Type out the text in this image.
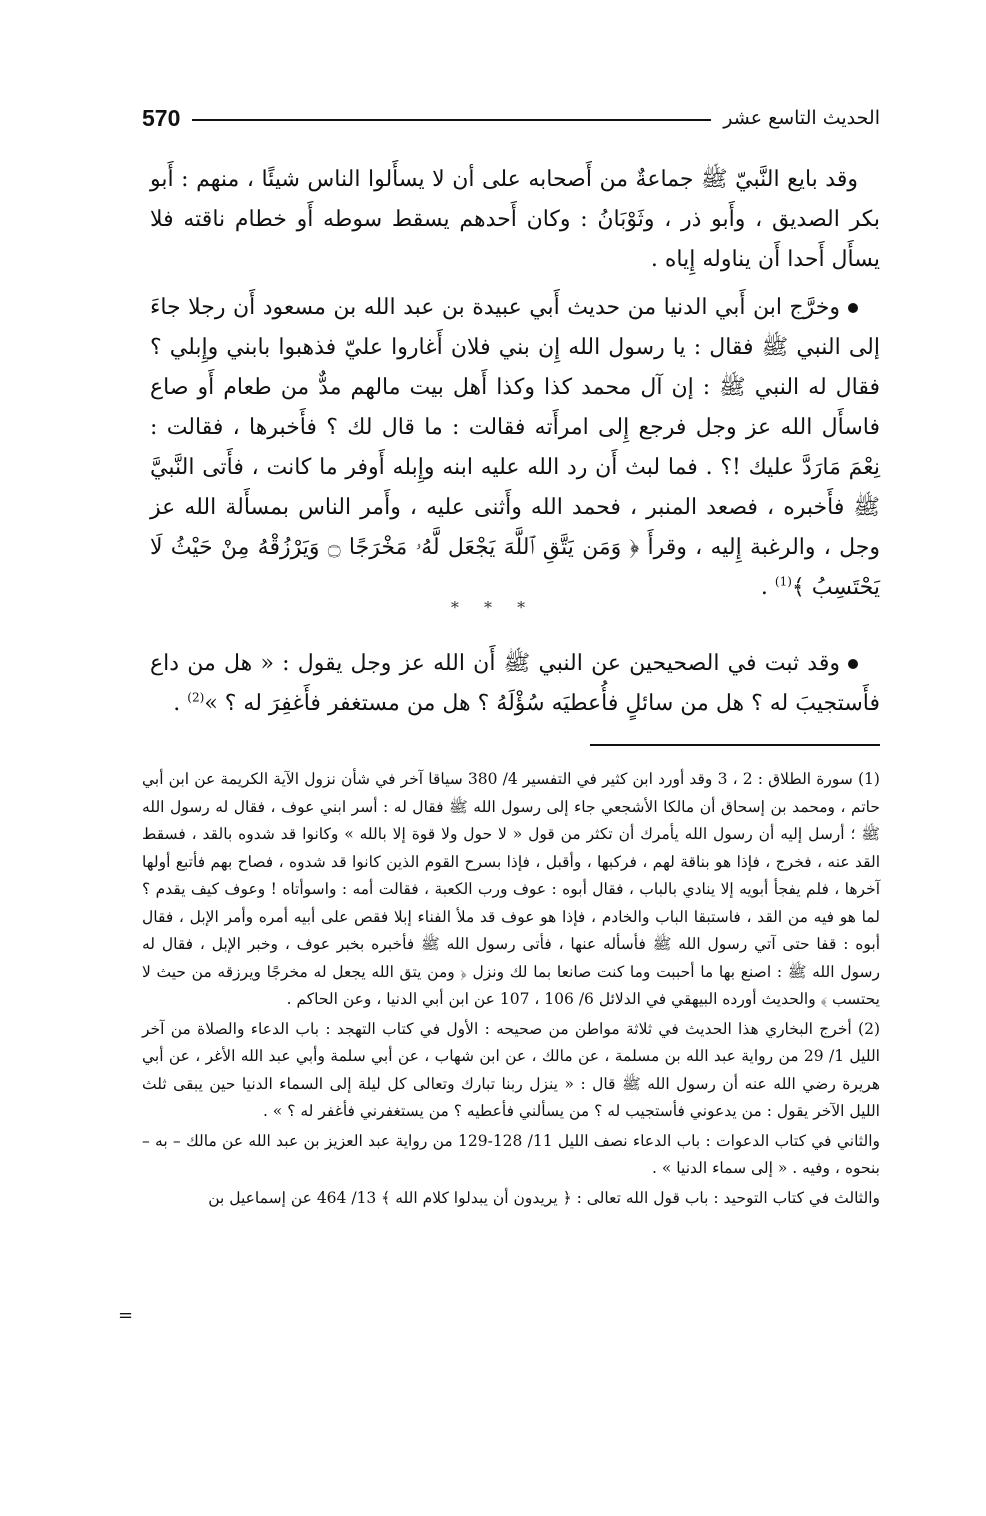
570	الحديث التاسع عشر

وقد بايع النَّبيّ ﷺ جماعةٌ من أَصحابه على أن لا يسأَلوا الناس شيئًا ، منهم : أَبو بكر الصديق ، وأَبو ذر ، وثَوْبَانُ : وكان أَحدهم يسقط سوطه أَو خطام ناقته فلا يسأَل أَحدا أَن يناوله إِياه .

وخرَّج ابن أَبي الدنيا من حديث أَبي عبيدة بن عبد الله بن مسعود أَن رجلا جاءَ إلى النبي ﷺ فقال : يا رسول الله إِن بني فلان أَغاروا عليّ فذهبوا بابني وإِبلي ؟ فقال له النبي ﷺ : إن آل محمد كذا وكذا أَهل بيت مالهم مدٌّ من طعام أَو صاع فاسأَل الله عز وجل فرجع إِلى امرأَته فقالت : ما قال لك ؟ فأَخبرها ، فقالت : نِعْمَ مَارَدَّ عليك !؟ . فما لبث أَن رد الله عليه ابنه وإِبله أَوفر ما كانت ، فأَتى النَّبيَّ ﷺ فأَخبره ، فصعد المنبر ، فحمد الله وأَثنى عليه ، وأَمر الناس بمسأَلة الله عز وجل ، والرغبة إِليه ، وقرأَ ﴿ وَمَن يَتَّقِ ٱللَّهَ يَجْعَل لَّهُۥ مَخْرَجًا ۝ وَيَرْزُقْهُ مِنْ حَيْثُ لَا يَحْتَسِبُ ﴾$^{(1)}$ .

* * *

وقد ثبت في الصحيحين عن النبي ﷺ أَن الله عز وجل يقول : « هل من داع فأَستجيبَ له ؟ هل من سائلٍ فأُعطيَه سُؤْلَهُ ؟ هل من مستغفر فأَغفِرَ له ؟ »$^{(2)}$ .

(1) سورة الطلاق : 2 ، 3 وقد أورد ابن كثير في التفسير 4/ 380 سياقا آخر في شأن نزول الآية الكريمة عن ابن أبي حاتم ، ومحمد بن إسحاق أن مالكا الأشجعي جاء إلى رسول الله ﷺ فقال له : أسر ابني عوف ، فقال له رسول الله ﷺ ؛ أرسل إليه أن رسول الله يأمرك أن تكثر من قول « لا حول ولا قوة إلا بالله » وكانوا قد شدوه بالقد ، فسقط القد عنه ، فخرج ، فإذا هو بناقة لهم ، فركبها ، وأقبل ، فإذا بسرح القوم الذين كانوا قد شدوه ، فصاح بهم فأتبع أولها آخرها ، فلم يفجأ أبويه إلا ينادي بالباب ، فقال أبوه : عوف ورب الكعبة ، فقالت أمه : واسوأتاه ! وعوف كيف يقدم ؟ لما هو فيه من القد ، فاستبقا الباب والخادم ، فإذا هو عوف قد ملأ الفناء إبلا فقص على أبيه أمره وأمر الإبل ، فقال أبوه : قفا حتى آتي رسول الله ﷺ فأسأله عنها ، فأتى رسول الله ﷺ فأخبره بخبر عوف ، وخبر الإبل ، فقال له رسول الله ﷺ : اصنع بها ما أحببت وما كنت صانعا بما لك ونزل ﴿ ومن يتق الله يجعل له مخرجًا ويرزقه من حيث لا يحتسب ﴾ والحديث أورده البيهقي في الدلائل 6/ 106 ، 107 عن ابن أبي الدنيا ، وعن الحاكم .

(2) أخرج البخاري هذا الحديث في ثلاثة مواطن من صحيحه : الأول في كتاب التهجد : باب الدعاء والصلاة من آخر الليل 1/ 29 من رواية عبد الله بن مسلمة ، عن مالك ، عن ابن شهاب ، عن أبي سلمة وأبي عبد الله الأغر ، عن أبي هريرة رضي الله عنه أن رسول الله ﷺ قال : « ينزل ربنا تبارك وتعالى كل ليلة إلى السماء الدنيا حين يبقى ثلث الليل الآخر يقول : من يدعوني فأستجيب له ؟ من يسألني فأعطيه ؟ من يستغفرني فأغفر له ؟ » .

والثاني في كتاب الدعوات : باب الدعاء نصف الليل 11/ 128-129 من رواية عبد العزيز بن عبد الله عن مالك – به – بنحوه ، وفيه . « إلى سماء الدنيا » .

والثالث في كتاب التوحيد : باب قول الله تعالى : ﴿ يريدون أن يبدلوا كلام الله ﴾ 13/ 464 عن إسماعيل بن

=
